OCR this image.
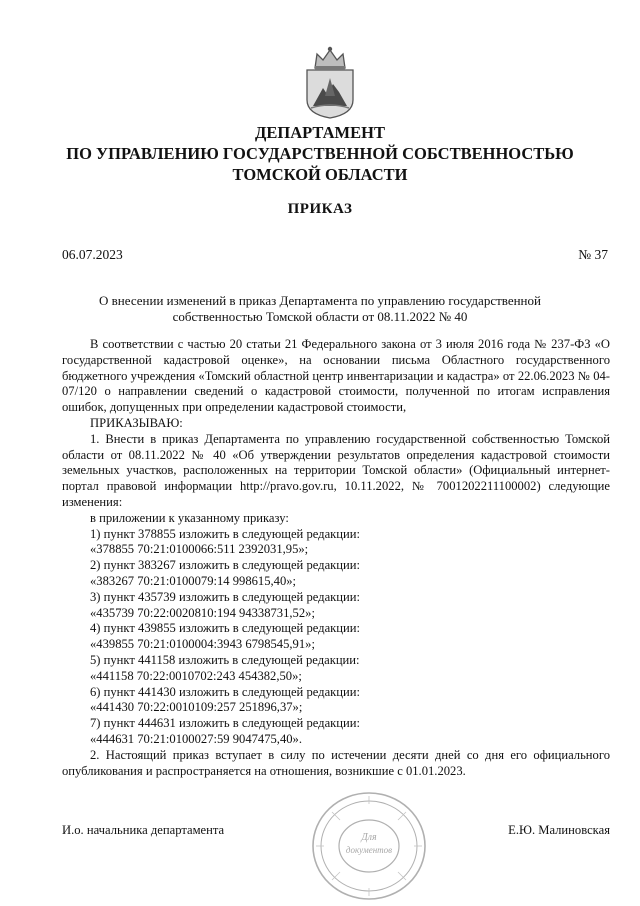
ДЕПАРТАМЕНТ
ПО УПРАВЛЕНИЮ ГОСУДАРСТВЕННОЙ СОБСТВЕННОСТЬЮ
ТОМСКОЙ ОБЛАСТИ
ПРИКАЗ
06.07.2023	№ 37
О внесении изменений в приказ Департамента по управлению государственной собственностью Томской области от 08.11.2022 № 40

В соответствии с частью 20 статьи 21 Федерального закона от 3 июля 2016 года № 237-ФЗ «О государственной кадастровой оценке», на основании письма Областного государственного бюджетного учреждения «Томский областной центр инвентаризации и кадастра» от 22.06.2023 № 04-07/120 о направлении сведений о кадастровой стоимости, полученной по итогам исправления ошибок, допущенных при определении кадастровой стоимости,

ПРИКАЗЫВАЮ:

1. Внести в приказ Департамента по управлению государственной собственностью Томской области от 08.11.2022 № 40 «Об утверждении результатов определения кадастровой стоимости земельных участков, расположенных на территории Томской области» (Официальный интернет-портал правовой информации http://pravo.gov.ru, 10.11.2022, № 7001202211100002) следующие изменения:

в приложении к указанному приказу:

1) пункт 378855 изложить в следующей редакции:

«378855 70:21:0100066:511 2392031,95»;

2) пункт 383267 изложить в следующей редакции:

«383267 70:21:0100079:14 998615,40»;

3) пункт 435739 изложить в следующей редакции:

«435739 70:22:0020810:194 94338731,52»;

4) пункт 439855 изложить в следующей редакции:

«439855 70:21:0100004:3943 6798545,91»;

5) пункт 441158 изложить в следующей редакции:

«441158 70:22:0010702:243 454382,50»;

6) пункт 441430 изложить в следующей редакции:

«441430 70:22:0010109:257 251896,37»;

7) пункт 444631 изложить в следующей редакции:

«444631 70:21:0100027:59 9047475,40».

2. Настоящий приказ вступает в силу по истечении десяти дней со дня его официального опубликования и распространяется на отношения, возникшие с 01.01.2023.

Для
документов
И.о. начальника департамента	Е.Ю. Малиновская
